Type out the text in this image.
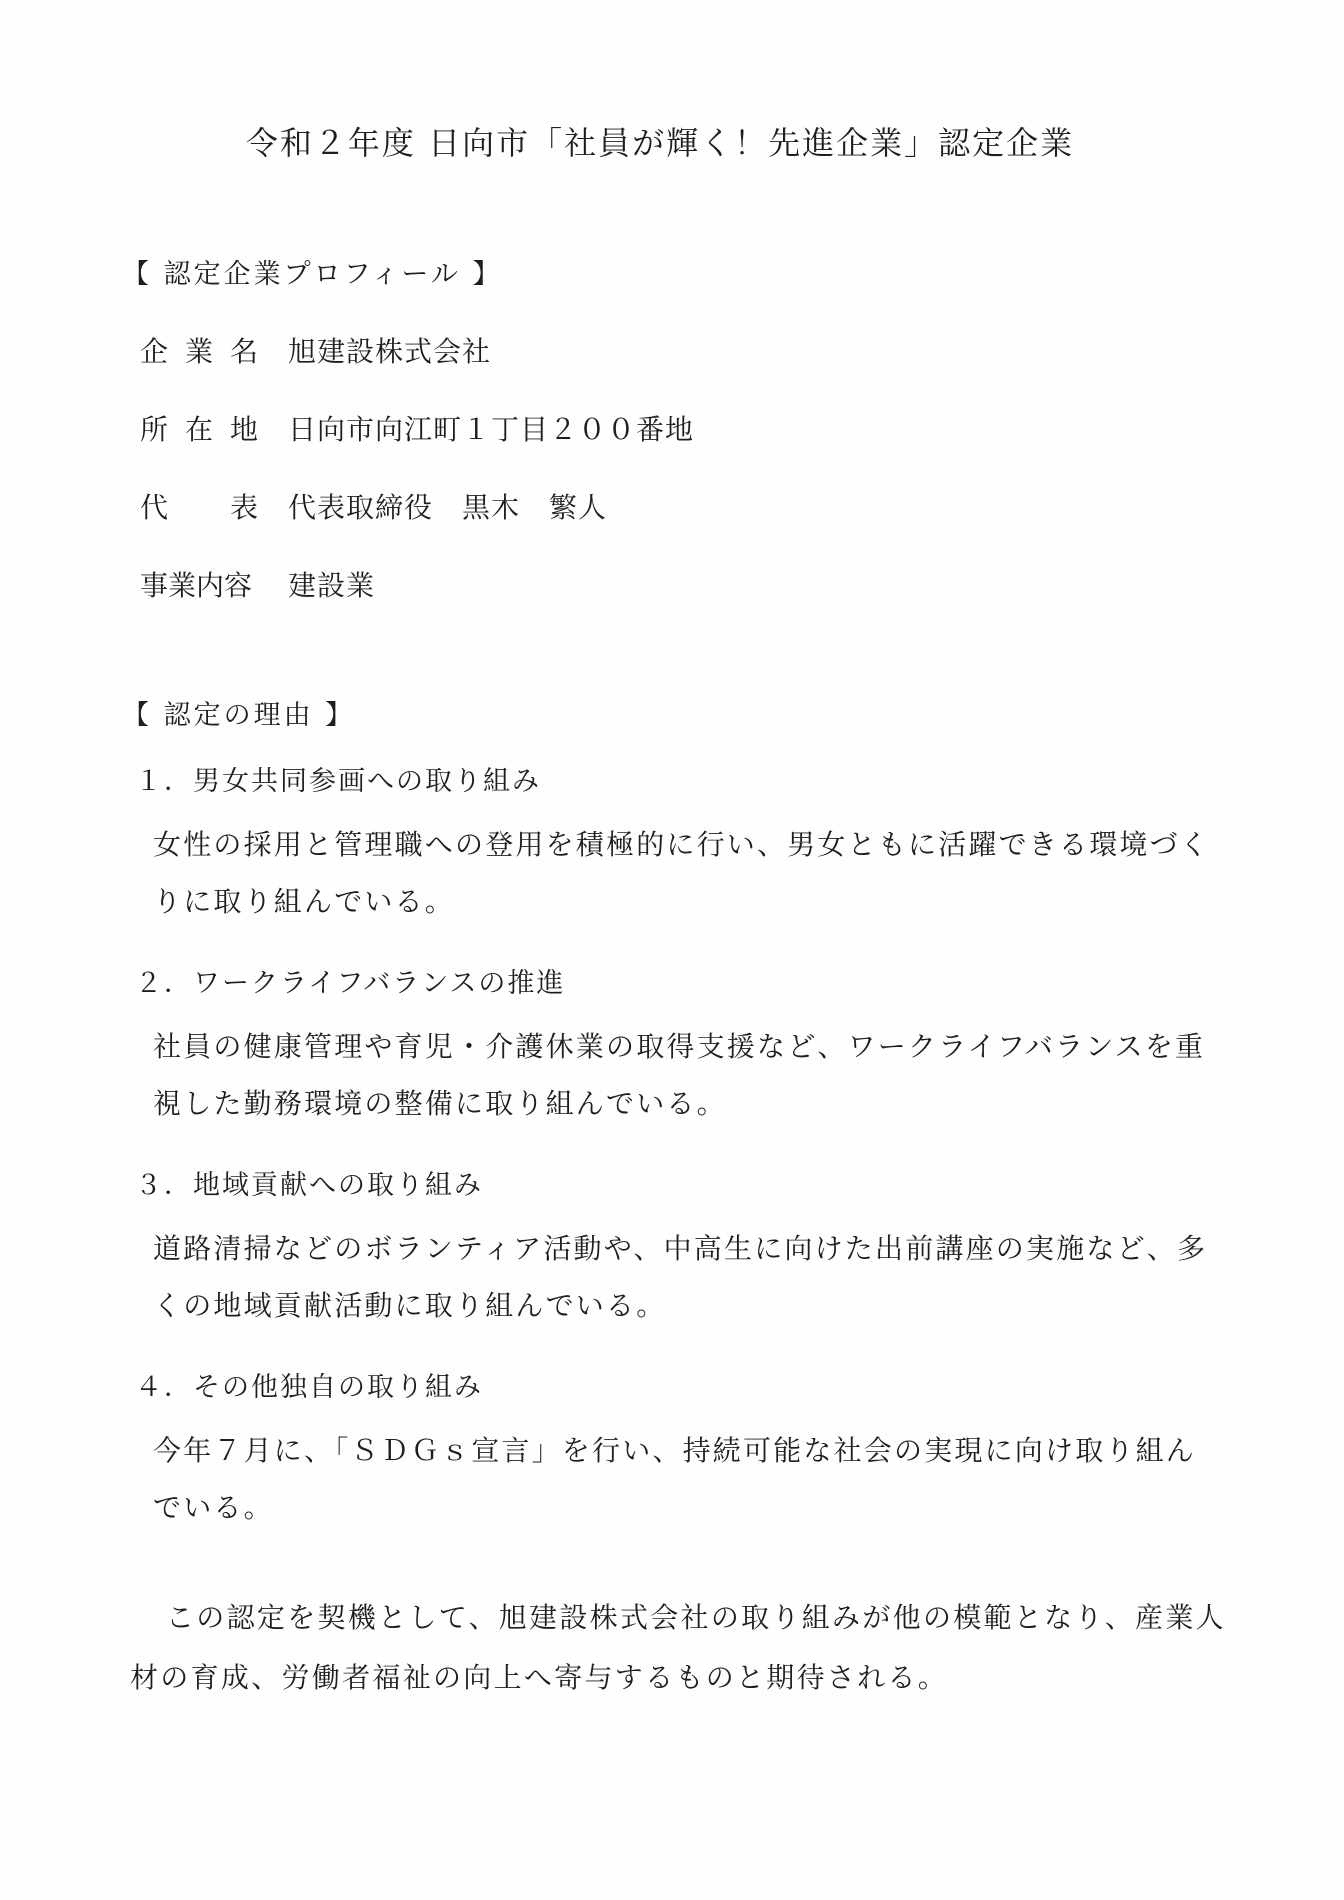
令和２年度 日向市「社員が輝く！先進企業」認定企業
【 認定企業プロフィール 】
企業名 旭建設株式会社
所在地 日向市向江町１丁目２００番地
代表 代表取締役　黒木　繁人
事業内容	建設業
【 認定の理由 】
１．男女共同参画への取り組み

女性の採用と管理職への登用を積極的に行い、男女ともに活躍できる環境づくりに取り組んでいる。

２．ワークライフバランスの推進

社員の健康管理や育児・介護休業の取得支援など、ワークライフバランスを重視した勤務環境の整備に取り組んでいる。

３．地域貢献への取り組み

道路清掃などのボランティア活動や、中高生に向けた出前講座の実施など、多くの地域貢献活動に取り組んでいる。

４．その他独自の取り組み

今年７月に、「ＳＤＧｓ宣言」を行い、持続可能な社会の実現に向け取り組んでいる。

この認定を契機として、旭建設株式会社の取り組みが他の模範となり、産業人材の育成、労働者福祉の向上へ寄与するものと期待される。
